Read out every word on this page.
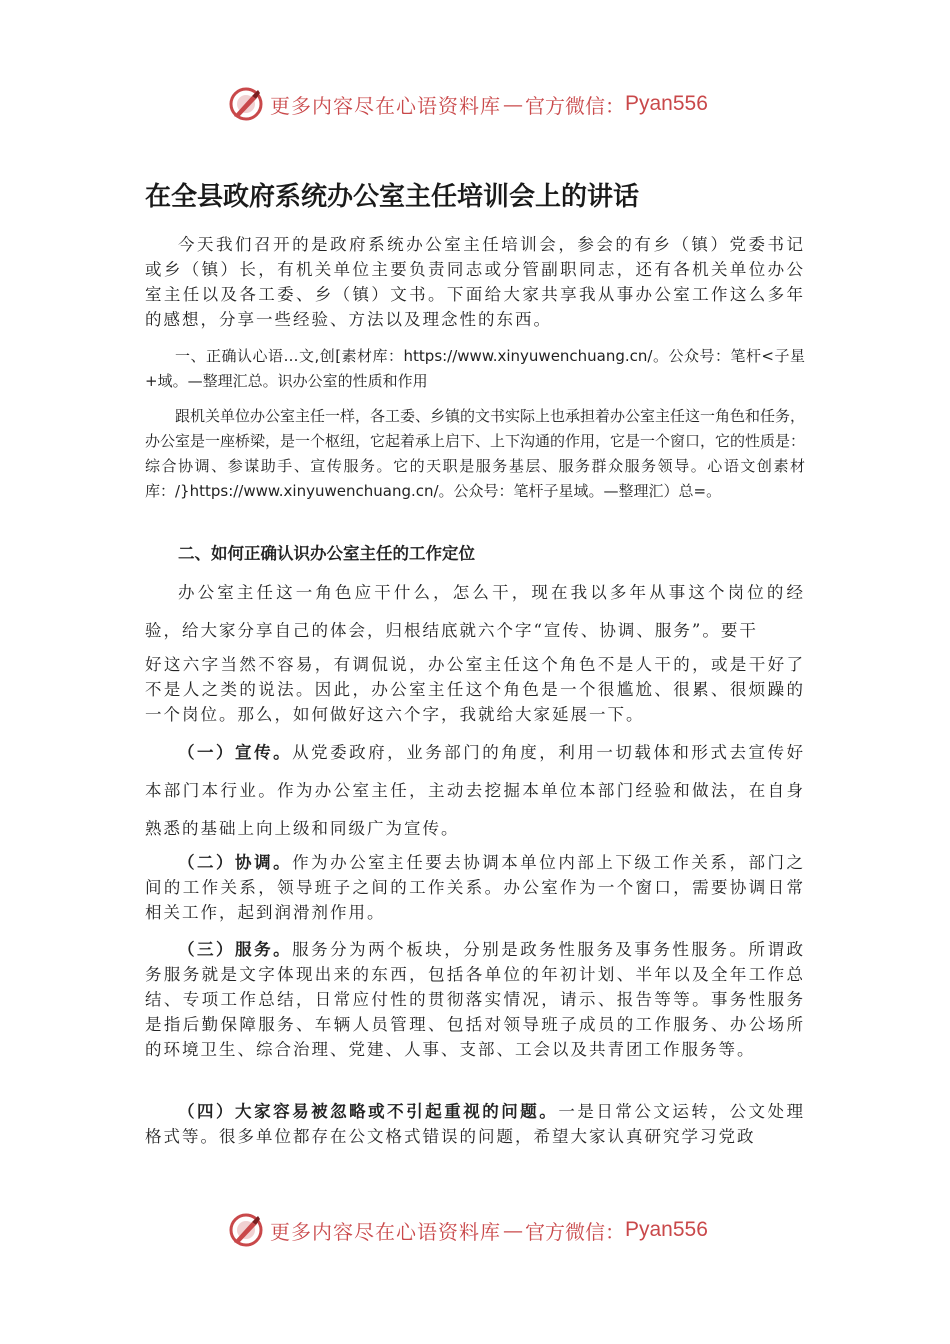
更多内容尽在心语资料库 — 官方微信： Pyan556
在全县政府系统办公室主任培训会上的讲话

今天我们召开的是政府系统办公室主任培训会，参会的有乡（镇）党委书记或乡（镇）长，有机关单位主要负责同志或分管副职同志，还有各机关单位办公室主任以及各工委、乡（镇）文书。下面给大家共享我从事办公室工作这么多年的感想，分享一些经验、方法以及理念性的东西。

一、正确认心语…文,创[素材库：https://www.xinyuwenchuang.cn/。公众号：笔杆<子星+域。—整理汇总。识办公室的性质和作用

跟机关单位办公室主任一样，各工委、乡镇的文书实际上也承担着办公室主任这一角色和任务，办公室是一座桥梁，是一个枢纽，它起着承上启下、上下沟通的作用，它是一个窗口，它的性质是：综合协调、参谋助手、宣传服务。它的天职是服务基层、服务群众服务领导。心语文创素材库：/}https://www.xinyuwenchuang.cn/。公众号：笔杆子星域。—整理汇）总=。

二、如何正确认识办公室主任的工作定位

办公室主任这一角色应干什么，怎么干，现在我以多年从事这个岗位的经验，给大家分享自己的体会，归根结底就六个字“宣传、协调、服务”。要干

好这六字当然不容易，有调侃说，办公室主任这个角色不是人干的，或是干好了不是人之类的说法。因此，办公室主任这个角色是一个很尴尬、很累、很烦躁的一个岗位。那么，如何做好这六个字，我就给大家延展一下。

（一）宣传。从党委政府，业务部门的角度，利用一切载体和形式去宣传好本部门本行业。作为办公室主任，主动去挖掘本单位本部门经验和做法，在自身熟悉的基础上向上级和同级广为宣传。

（二）协调。作为办公室主任要去协调本单位内部上下级工作关系，部门之间的工作关系，领导班子之间的工作关系。办公室作为一个窗口，需要协调日常相关工作，起到润滑剂作用。

（三）服务。服务分为两个板块，分别是政务性服务及事务性服务。所谓政务服务就是文字体现出来的东西，包括各单位的年初计划、半年以及全年工作总结、专项工作总结，日常应付性的贯彻落实情况，请示、报告等等。事务性服务是指后勤保障服务、车辆人员管理、包括对领导班子成员的工作服务、办公场所的环境卫生、综合治理、党建、人事、支部、工会以及共青团工作服务等。

（四）大家容易被忽略或不引起重视的问题。一是日常公文运转，公文处理格式等。很多单位都存在公文格式错误的问题，希望大家认真研究学习党政

更多内容尽在心语资料库 — 官方微信： Pyan556
